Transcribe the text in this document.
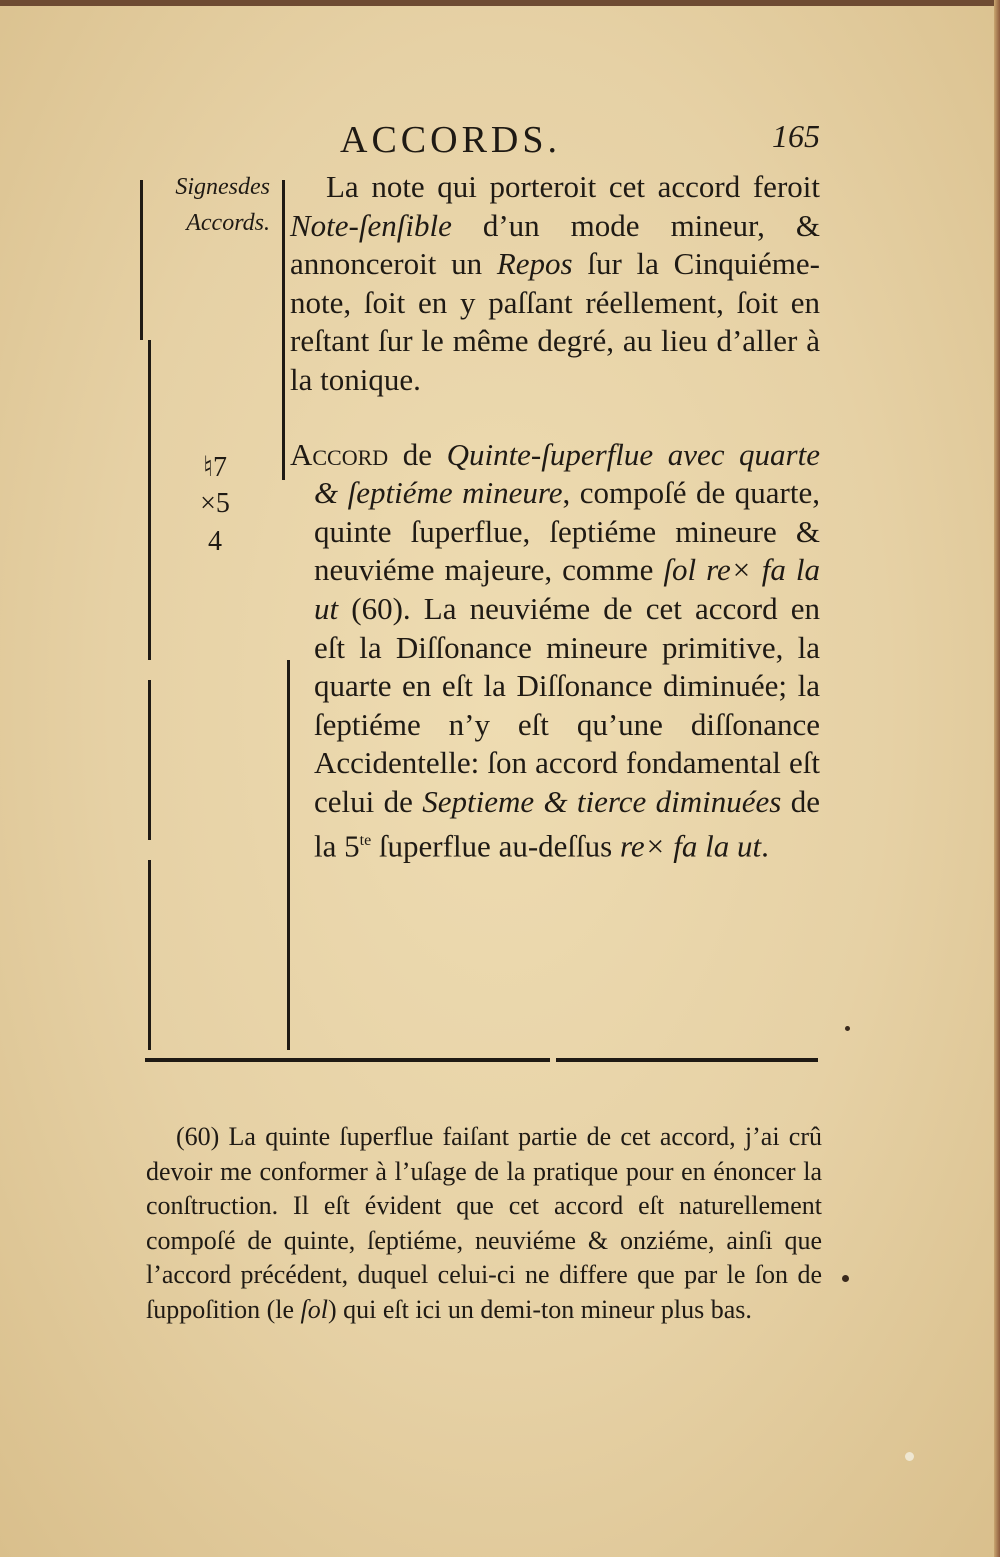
ACCORDS.	165
Signesdes
Accords.
♮7
×5
4

La note qui porteroit cet accord feroit Note-ſenſible d’un mode mineur, & annonceroit un Repos ſur la Cinquiéme-note, ſoit en y paſſant réellement, ſoit en reſtant ſur le même degré, au lieu d’aller à la tonique.

Accord de Quinte-ſuperflue avec quarte & ſeptiéme mineure, compoſé de quarte, quinte ſuperflue, ſeptiéme mineure & neuviéme majeure, comme ſol re× fa la ut (60). La neuviéme de cet accord en eſt la Diſſonance mineure primitive, la quarte en eſt la Diſſonance diminuée; la ſeptiéme n’y eſt qu’une diſſonance Accidentelle: ſon accord fondamental eſt celui de Septieme & tierce diminuées de la $5^{te}$ ſuperflue au-deſſus re× fa la ut.

(60) La quinte ſuperflue faiſant partie de cet accord, j’ai crû devoir me conformer à l’uſage de la pratique pour en énoncer la conſtruction. Il eſt évident que cet accord eſt naturellement compoſé de quinte, ſeptiéme, neuviéme & onziéme, ainſi que l’accord précédent, duquel celui-ci ne differe que par le ſon de ſuppoſition (le ſol) qui eſt ici un demi-ton mineur plus bas.
